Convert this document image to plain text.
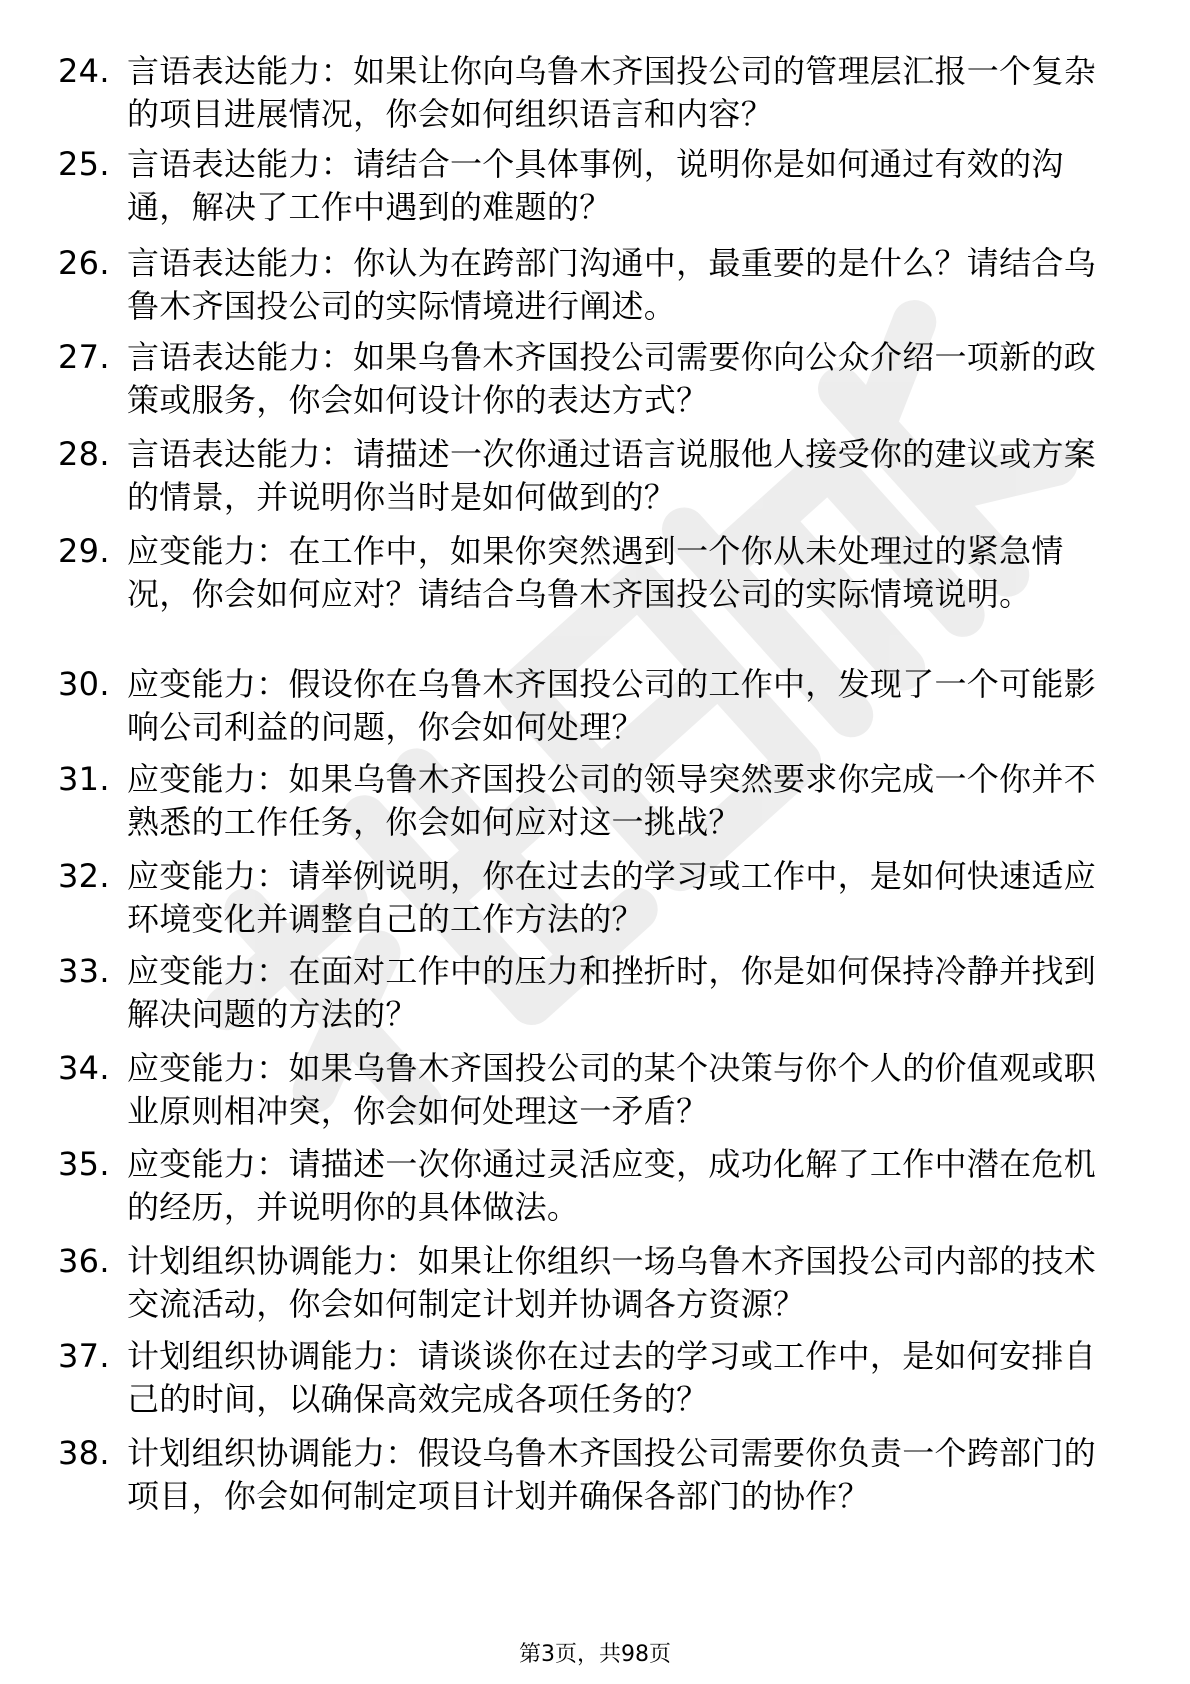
24. 言语表达能力：如果让你向乌鲁木齐国投公司的管理层汇报一个复杂的项目进展情况，你会如何组织语言和内容？
25. 言语表达能力：请结合一个具体事例，说明你是如何通过有效的沟通，解决了工作中遇到的难题的？
26. 言语表达能力：你认为在跨部门沟通中，最重要的是什么？请结合乌鲁木齐国投公司的实际情境进行阐述。
27. 言语表达能力：如果乌鲁木齐国投公司需要你向公众介绍一项新的政策或服务，你会如何设计你的表达方式？
28. 言语表达能力：请描述一次你通过语言说服他人接受你的建议或方案的情景，并说明你当时是如何做到的？
29. 应变能力：在工作中，如果你突然遇到一个你从未处理过的紧急情况，你会如何应对？请结合乌鲁木齐国投公司的实际情境说明。
30. 应变能力：假设你在乌鲁木齐国投公司的工作中，发现了一个可能影响公司利益的问题，你会如何处理？
31. 应变能力：如果乌鲁木齐国投公司的领导突然要求你完成一个你并不熟悉的工作任务，你会如何应对这一挑战？
32. 应变能力：请举例说明，你在过去的学习或工作中，是如何快速适应环境变化并调整自己的工作方法的？
33. 应变能力：在面对工作中的压力和挫折时，你是如何保持冷静并找到解决问题的方法的？
34. 应变能力：如果乌鲁木齐国投公司的某个决策与你个人的价值观或职业原则相冲突，你会如何处理这一矛盾？
35. 应变能力：请描述一次你通过灵活应变，成功化解了工作中潜在危机的经历，并说明你的具体做法。
36. 计划组织协调能力：如果让你组织一场乌鲁木齐国投公司内部的技术交流活动，你会如何制定计划并协调各方资源？
37. 计划组织协调能力：请谈谈你在过去的学习或工作中，是如何安排自己的时间，以确保高效完成各项任务的？
38. 计划组织协调能力：假设乌鲁木齐国投公司需要你负责一个跨部门的项目，你会如何制定项目计划并确保各部门的协作？
第3页，共98页
